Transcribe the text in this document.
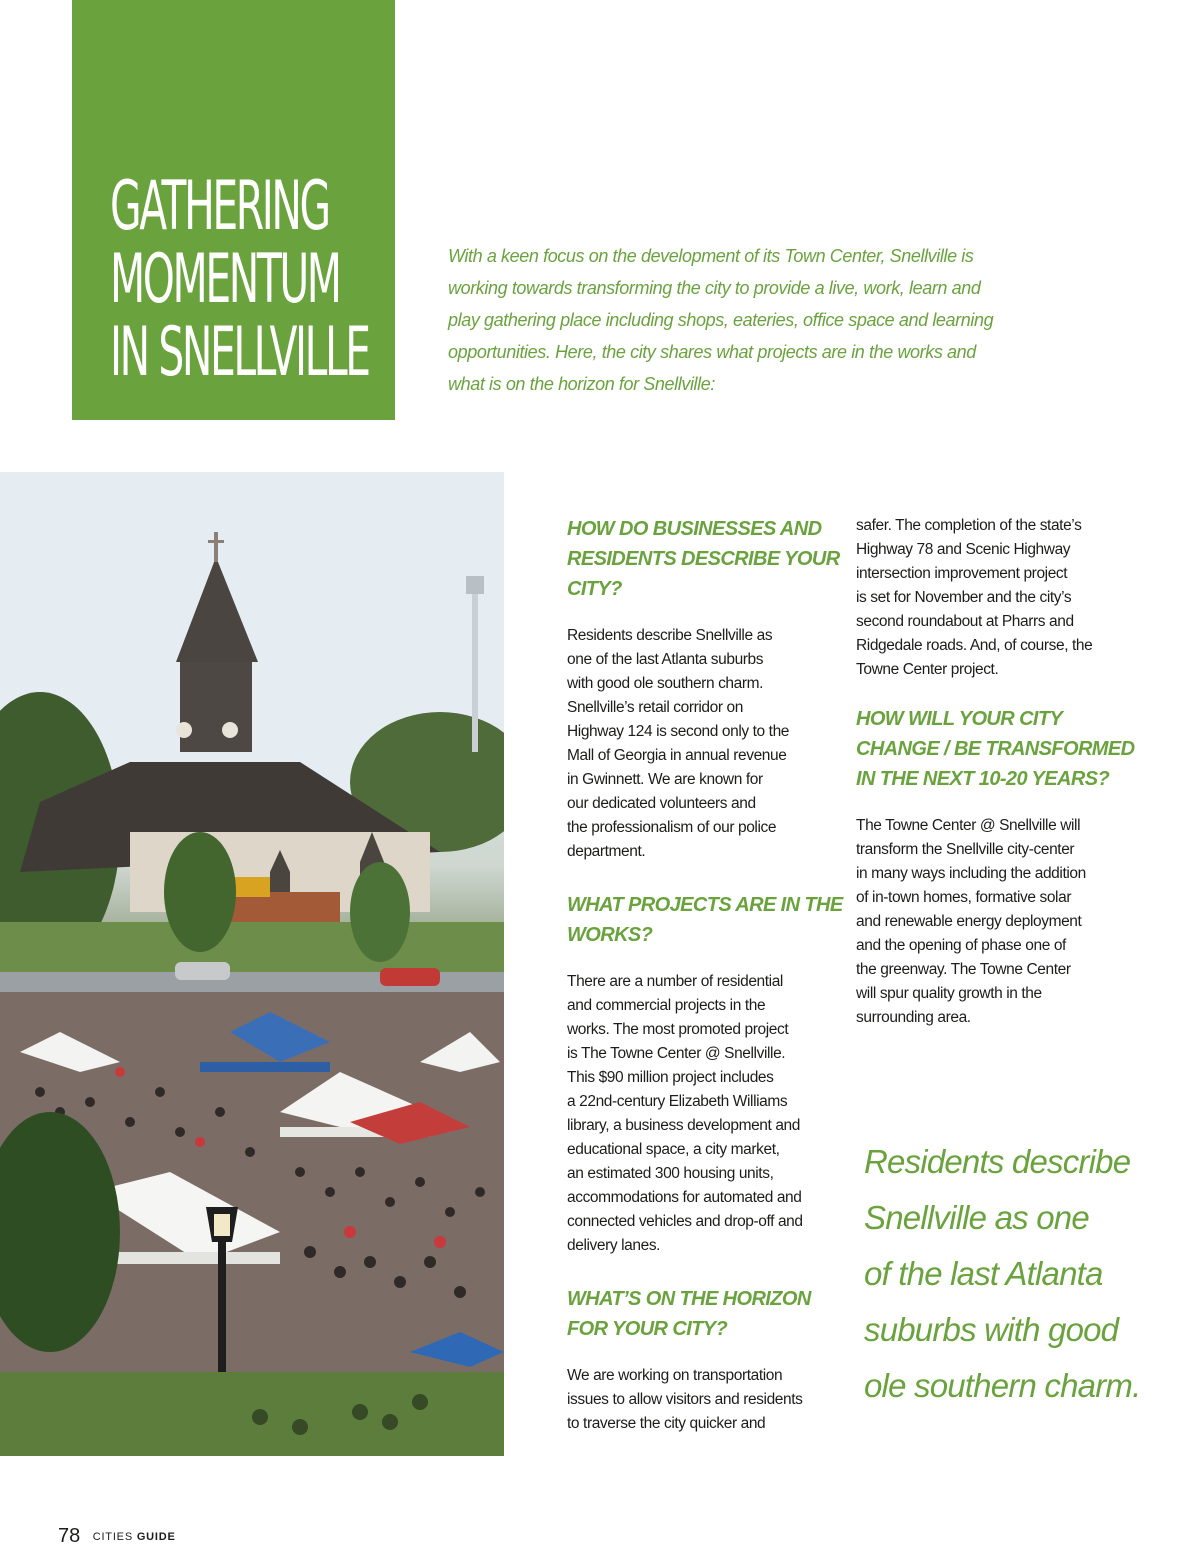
GATHERING
MOMENTUM
IN SNELLVILLE
With a keen focus on the development of its Town Center, Snellville is
working towards transforming the city to provide a live, work, learn and
play gathering place including shops, eateries, office space and learning
opportunities. Here, the city shares what projects are in the works and
what is on the horizon for Snellville:

HOW DO BUSINESSES AND
RESIDENTS DESCRIBE YOUR
CITY?

Residents describe Snellville as
one of the last Atlanta suburbs
with good ole southern charm.
Snellville’s retail corridor on
Highway 124 is second only to the
Mall of Georgia in annual revenue
in Gwinnett. We are known for
our dedicated volunteers and
the professionalism of our police
department.

WHAT PROJECTS ARE IN THE
WORKS?

There are a number of residential
and commercial projects in the
works. The most promoted project
is The Towne Center @ Snellville.
This $90 million project includes
a 22nd-century Elizabeth Williams
library, a business development and
educational space, a city market,
an estimated 300 housing units,
accommodations for automated and
connected vehicles and drop-off and
delivery lanes.

WHAT’S ON THE HORIZON
FOR YOUR CITY?

We are working on transportation
issues to allow visitors and residents
to traverse the city quicker and

safer. The completion of the state’s
Highway 78 and Scenic Highway
intersection improvement project
is set for November and the city’s
second roundabout at Pharrs and
Ridgedale roads. And, of course, the
Towne Center project.

HOW WILL YOUR CITY
CHANGE / BE TRANSFORMED
IN THE NEXT 10-20 YEARS?

The Towne Center @ Snellville will
transform the Snellville city-center
in many ways including the addition
of in-town homes, formative solar
and renewable energy deployment
and the opening of phase one of
the greenway. The Towne Center
will spur quality growth in the
surrounding area.

Residents describe
Snellville as one
of the last Atlanta
suburbs with good
ole southern charm.
78 CITIES GUIDE
